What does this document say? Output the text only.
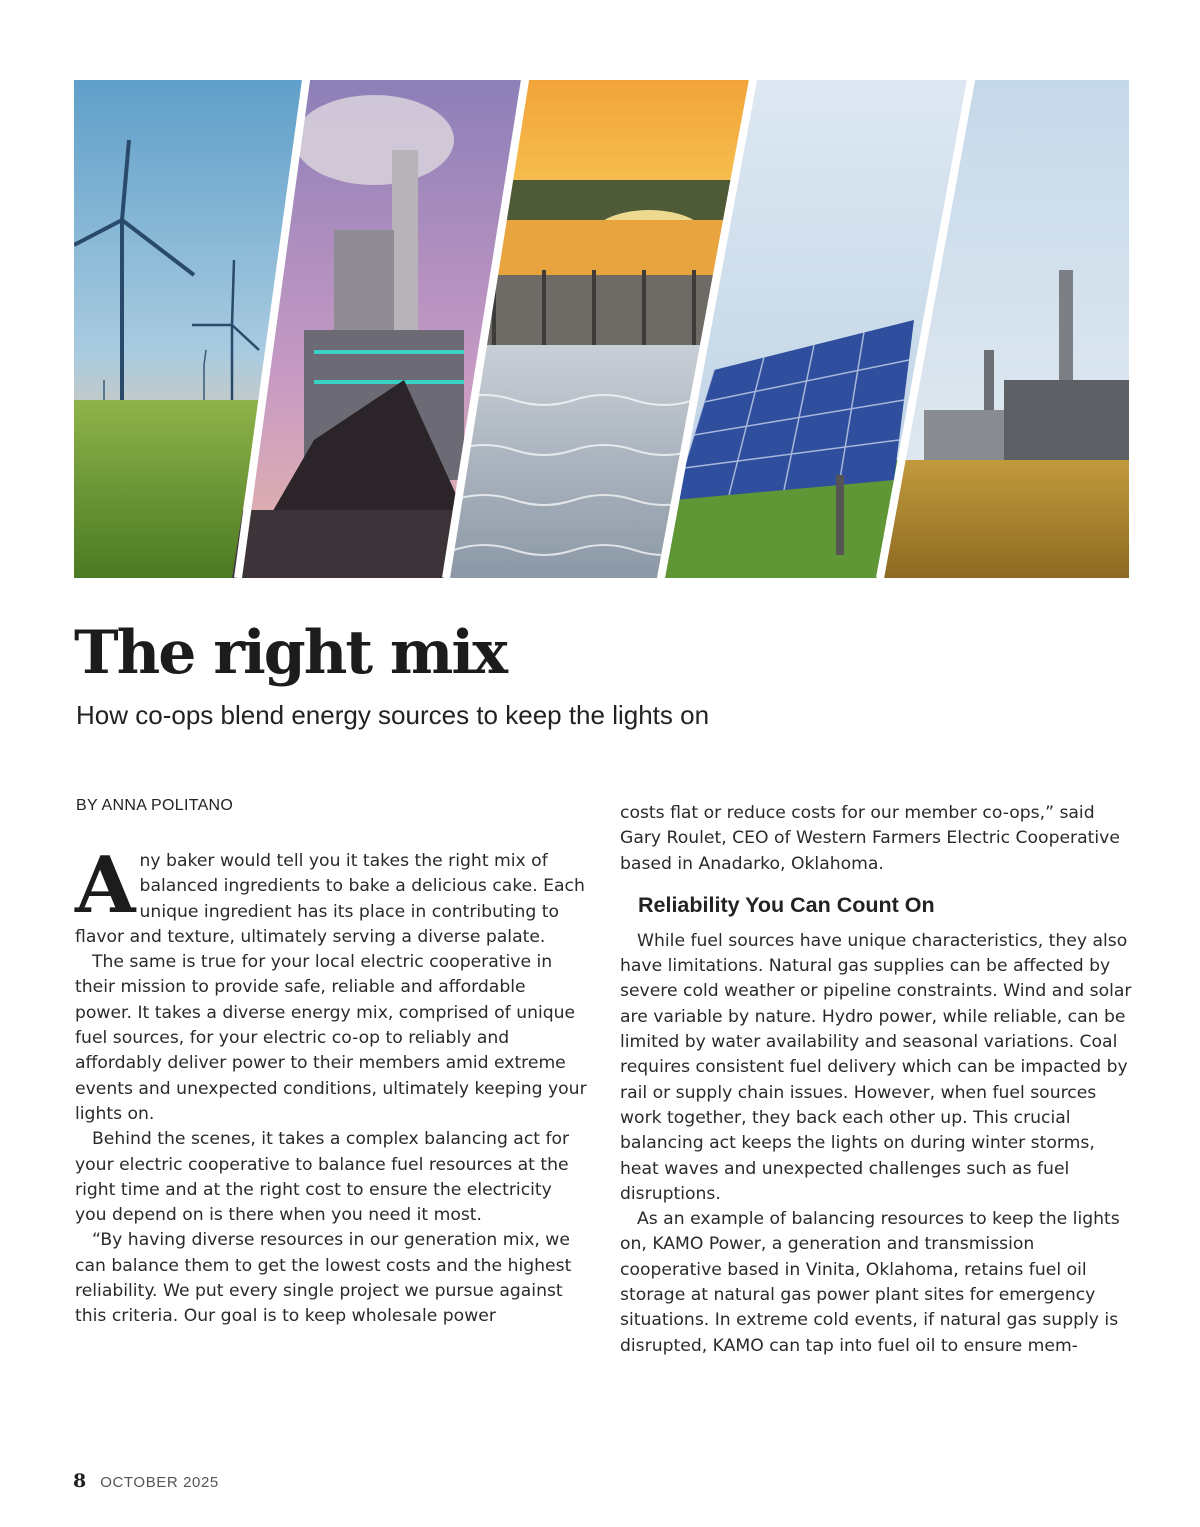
The right mix
How co-ops blend energy sources to keep the lights on
BY ANNA POLITANO

Any baker would tell you it takes the right mix of balanced ingredients to bake a delicious cake. Each unique ingredient has its place in contributing to flavor and texture, ultimately serving a diverse palate.

The same is true for your local electric cooperative in their mission to provide safe, reliable and affordable power. It takes a diverse energy mix, comprised of unique fuel sources, for your electric co-op to reliably and affordably deliver power to their members amid extreme events and unexpected conditions, ultimately keeping your lights on.

Behind the scenes, it takes a complex balancing act for your electric cooperative to balance fuel resources at the right time and at the right cost to ensure the electricity you depend on is there when you need it most.

“By having diverse resources in our generation mix, we can balance them to get the lowest costs and the highest reliability. We put every single project we pursue against this criteria. Our goal is to keep wholesale power

costs flat or reduce costs for our member co-ops,” said Gary Roulet, CEO of Western Farmers Electric Cooperative based in Anadarko, Oklahoma.

Reliability You Can Count On

While fuel sources have unique characteristics, they also have limitations. Natural gas supplies can be affected by severe cold weather or pipeline constraints. Wind and solar are variable by nature. Hydro power, while reliable, can be limited by water availability and seasonal variations. Coal requires consistent fuel delivery which can be impacted by rail or supply chain issues. However, when fuel sources work together, they back each other up. This crucial balancing act keeps the lights on during winter storms, heat waves and unexpected challenges such as fuel disruptions.

As an example of balancing resources to keep the lights on, KAMO Power, a generation and transmission cooperative based in Vinita, Oklahoma, retains fuel oil storage at natural gas power plant sites for emergency situations. In extreme cold events, if natural gas supply is disrupted, KAMO can tap into fuel oil to ensure mem-

8 OCTOBER 2025
